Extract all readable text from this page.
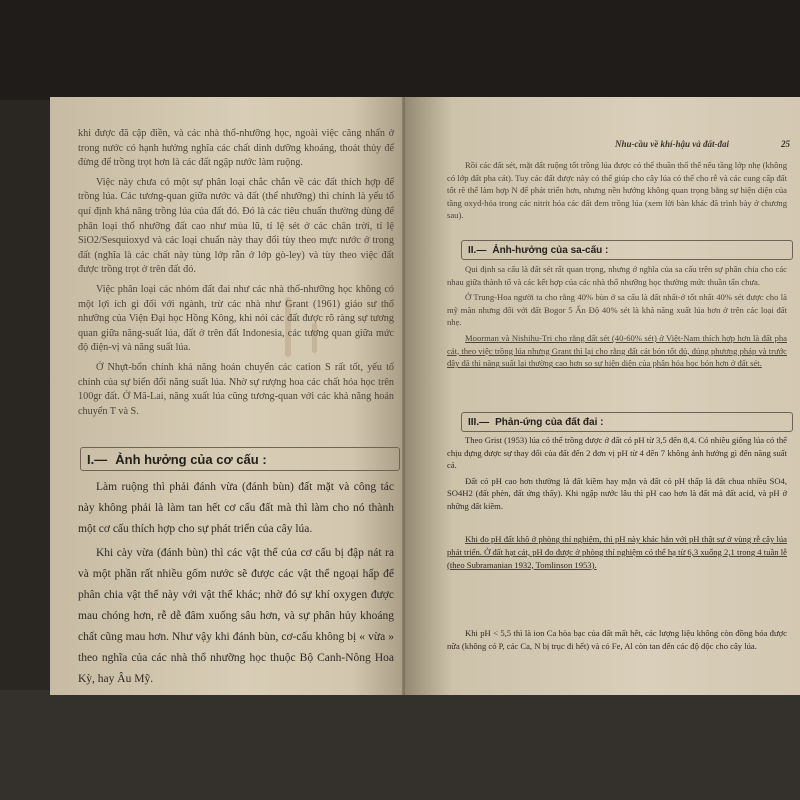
khi được đã cập điền, và các nhà thổ-nhưỡng học, ngoài việc căng nhấn ở trong nước có hạnh hưởng nghĩa các chất dinh dưỡng khoáng, thoát thủy để đừng để trồng trọt hơn là các đất ngập nước làm ruộng.

Việc này chưa có một sự phân loại chắc chắn về các đất thích hợp để trồng lúa. Các tương-quan giữa nước và đất (thể nhưỡng) thì chính là yếu tố quí định khả năng trồng lúa của đất đó. Đó là các tiêu chuẩn thường dùng để phân loại thổ nhưỡng đất cao như mùa lũ, tỉ lệ sét ở các chân trời, tỉ lệ SiO2/Sesquioxyd và các loại chuẩn này thay đổi tùy theo mực nước ở trong đất (nghĩa là các chất này tùng lớp rẫn ở lớp gò-ley) và tùy theo việc đất được trồng trọt ở trên đất đó.

Việc phân loại các nhóm đất đai như các nhà thổ-nhưỡng học không có một lợi ích gì đối với ngành, trừ các nhà như Grant (1961) giáo sư thổ nhưỡng của Viện Đại học Hồng Kông, khi nói các đất được rõ ràng sự tương quan giữa năng-suất lúa, đất ở trên đất Indonesia, các tương quan giữa mức độ điện-vị và năng suất lúa.

Ở Nhựt-bổn chính khả năng hoán chuyển các cation S rất tốt, yếu tố chính của sự biến đổi năng suất lúa. Nhờ sự rượng hoa các chất hóa học trên 100gr đất. Ở Mã-Lai, năng xuất lúa cũng tương-quan với các khả năng hoán chuyển T và S.

I.— Ảnh hưởng của cơ cấu :

Làm ruộng thì phải đánh vừa (đánh bùn) đất mặt và công tác này không phải là làm tan hết cơ cấu đất mà thì làm cho nó thành một cơ cấu thích hợp cho sự phát triển của cây lúa.

Khi cày vừa (đánh bùn) thì các vật thể của cơ cấu bị đập nát ra và một phần rất nhiều gốm nước sẽ được các vật thể ngoại hấp để phân chia vật thể này với vật thể khác; nhờ đó sự khí oxygen được mau chóng hơn, rễ dễ đâm xuống sâu hơn, và sự phân hủy khoáng chất cũng mau hơn. Như vậy khi đánh bùn, cơ-cấu không bị « vừa » theo nghĩa của các nhà thổ nhưỡng học thuộc Bộ Canh-Nông Hoa Kỳ, hay Âu Mỹ.

Nhu-cầu về khí-hậu và đất-đai	25

Rồi các đất sét, mặt đất ruộng tốt trồng lúa được có thể thuần thổ thế nếu tầng lớp nhẹ (không có lớp đất pha cát). Tuy các đất được này có thể giúp cho cây lúa có thể cho rễ và các cung cấp đất tốt rẽ thể làm hợp N để phát triển hơn, nhưng nền hướng không quan trọng bằng sự hiện diện của tầng oxyd-hóa trong các nitrit hóa các đất đem trồng lúa (xem lời bàn khác đã trình bày ở chương sau).

II.— Ảnh-hưởng của sa-cấu :

Qui định sa cấu là đất sét rất quan trọng, nhưng ở nghĩa của sa cấu trên sự phân chia cho các nhau giữa thành tố và các kết hợp của các nhà thổ nhưỡng học thường mức thuần tẩn chưa.

Ở Trung-Hoa người ta cho rằng 40% bùn ở sa cấu là đất nhất-ở tốt nhất 40% sét được cho là mỹ mãn nhưng đối với đất Bogor 5 Ấn Độ 40% sét là khả năng xuất lúa hơn ở trên các loại đất nhẹ.

Moorman và Nishihu-Tri cho rằng đất sét (40-60% sét) ở Việt-Nam thích hợp hơn là đất pha cát, theo việc trồng lúa nhưng Grant thì lại cho rằng đất cát bón tốt đủ, đúng phương pháp và trước đây đã thì năng suất lại thường cao hơn so sự hiện diện của phân hóa học bón hơn ở đất sét.

III.— Phản-ứng của đất đai :

Theo Grist (1953) lúa có thể trồng được ở đất có pH từ 3,5 đến 8,4. Có nhiều giống lúa có thể chịu đựng được sự thay đổi của đất đến 2 đơn vị pH từ 4 đến 7 không ảnh hưởng gì đến năng suất cả.

Đất có pH cao hơn thường là đất kiềm hay mặn và đất có pH thấp là đất chua nhiều SO4, SO4H2 (đất phèn, đất ứng thấy). Khi ngập nước lâu thì pH cao hơn là đất mà đất acid, và pH ở những đất kiềm.

Khi đo pH đất khô ở phòng thí nghiệm, thì pH này khác hẳn với pH thật sự ở vùng rễ cây lúa phát triển. Ở đất hạt cát, pH đo được ở phòng thí nghiệm có thể hạ từ 6,3 xuống 2,1 trong 4 tuần lễ (theo Subramanian 1932, Tomlinson 1953).

Khi pH < 5,5 thì là ion Ca hòa bạc của đất mất hết, các lượng liệu không còn đồng hóa được nữa (không có P, các Ca, N bị trục đi hết) và có Fe, Al còn tan đến các độ độc cho cây lúa.
